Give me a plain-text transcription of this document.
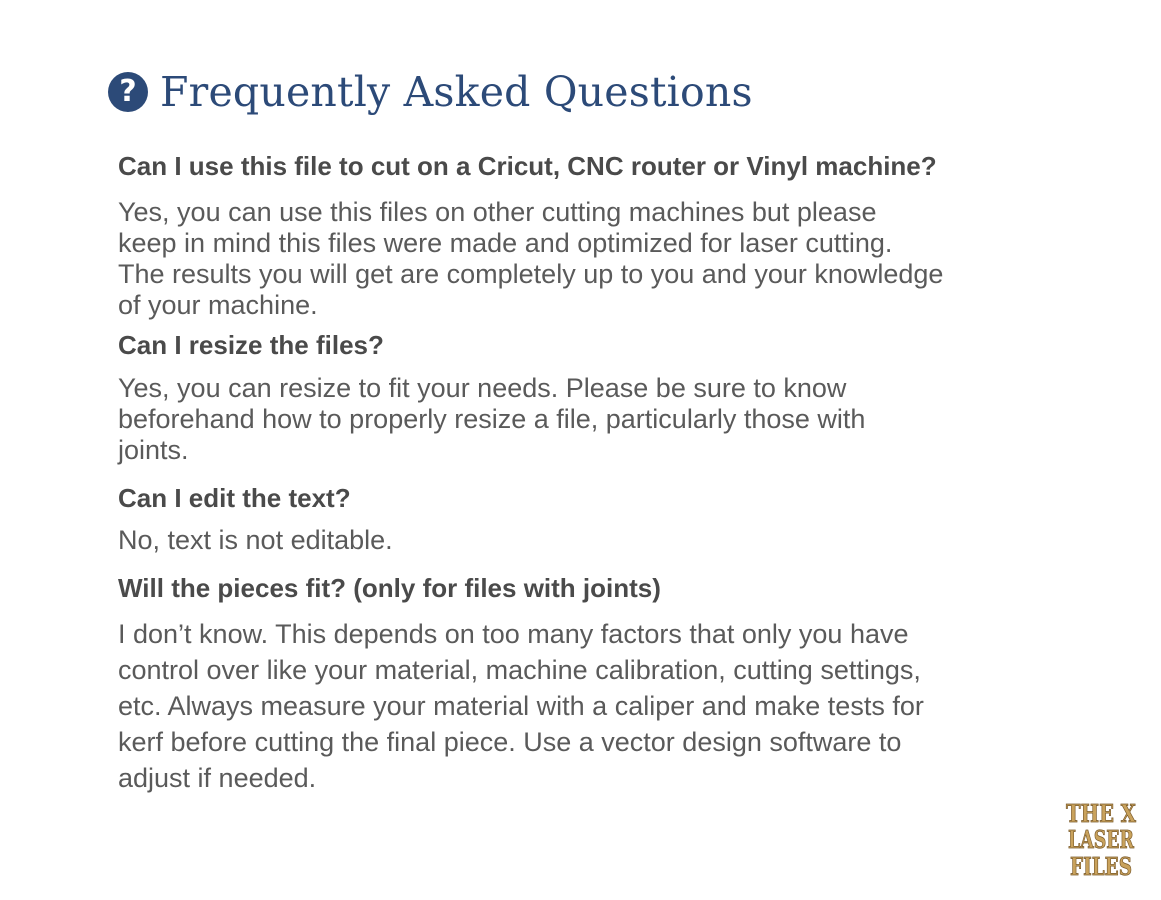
? Frequently Asked Questions

Can I use this file to cut on a Cricut, CNC router or Vinyl machine?

Yes, you can use this files on other cutting machines but please
keep in mind this files were made and optimized for laser cutting.
The results you will get are completely up to you and your knowledge
of your machine.

Can I resize the files?

Yes, you can resize to fit your needs. Please be sure to know
beforehand how to properly resize a file, particularly those with
joints.

Can I edit the text?

No, text is not editable.

Will the pieces fit? (only for files with joints)

I don’t know. This depends on too many factors that only you have
control over like your material, machine calibration, cutting settings,
etc. Always measure your material with a caliper and make tests for
kerf before cutting the final piece. Use a vector design software to
adjust if needed.

THE X
LASER
FILES
